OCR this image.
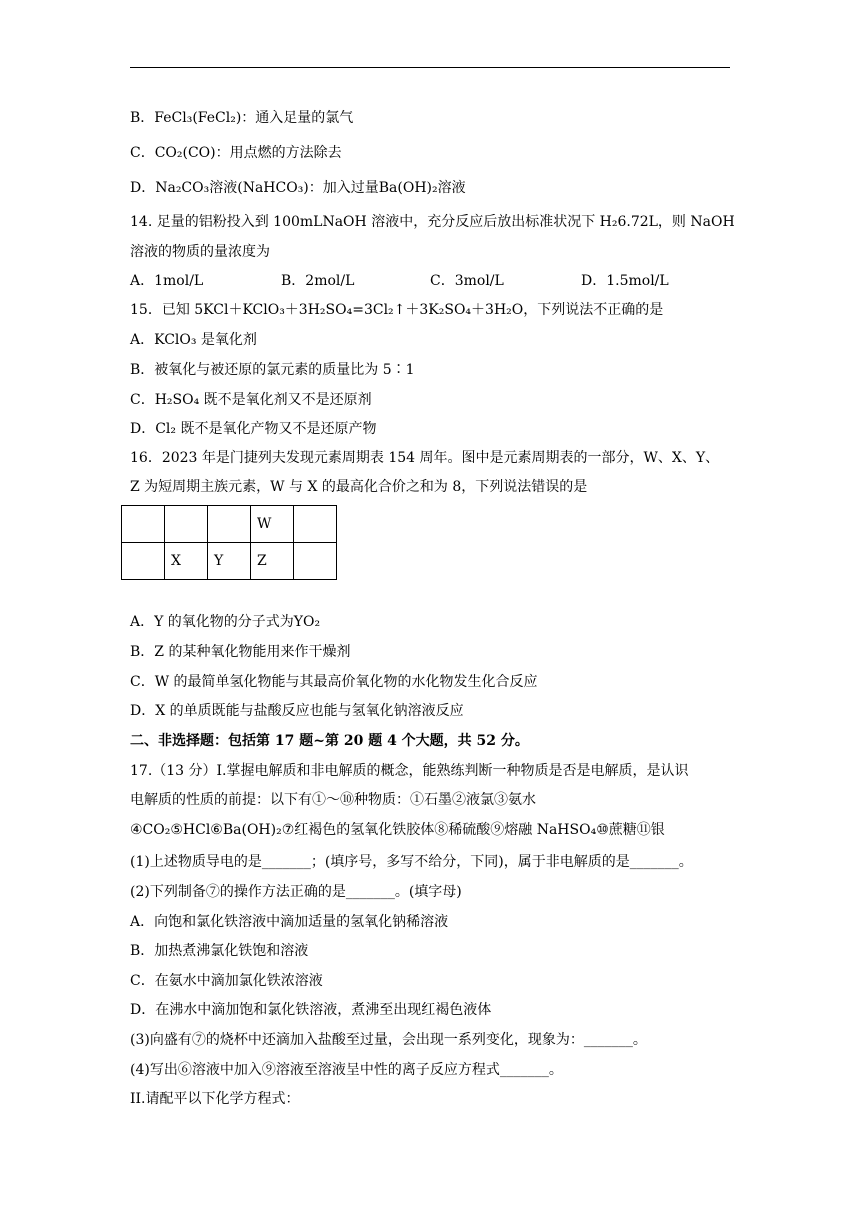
B．FeCl₃(FeCl₂)：通入足量的氯气
C．CO₂(CO)：用点燃的方法除去
D．Na₂CO₃溶液(NaHCO₃)：加入过量Ba(OH)₂溶液
14. 足量的铝粉投入到 100mLNaOH 溶液中，充分反应后放出标准状况下 H₂6.72L，则 NaOH
溶液的物质的量浓度为
15．已知 5KCl＋KClO₃＋3H₂SO₄=3Cl₂↑＋3K₂SO₄＋3H₂O，下列说法不正确的是
A．KClO₃ 是氧化剂
B．被氧化与被还原的氯元素的质量比为 5∶1
C．H₂SO₄ 既不是氧化剂又不是还原剂
D．Cl₂ 既不是氧化产物又不是还原产物
16．2023 年是门捷列夫发现元素周期表 154 周年。图中是元素周期表的一部分，W、X、Y、
Z 为短周期主族元素，W 与 X 的最高化合价之和为 8，下列说法错误的是
A．Y 的氧化物的分子式为YO₂
B．Z 的某种氧化物能用来作干燥剂
C．W 的最简单氢化物能与其最高价氧化物的水化物发生化合反应
D．X 的单质既能与盐酸反应也能与氢氧化钠溶液反应
二、非选择题：包括第 17 题~第 20 题 4 个大题，共 52 分。
17.（13 分）I.掌握电解质和非电解质的概念，能熟练判断一种物质是否是电解质，是认识
电解质的性质的前提：以下有①～⑩种物质：①石墨②液氯③氨水
④CO₂⑤HCl⑥Ba(OH)₂⑦红褐色的氢氧化铁胶体⑧稀硫酸⑨熔融 NaHSO₄⑩蔗糖⑪银
(1)上述物质导电的是_______；(填序号，多写不给分，下同)，属于非电解质的是_______。
(2)下列制备⑦的操作方法正确的是_______。(填字母)
A．向饱和氯化铁溶液中滴加适量的氢氧化钠稀溶液
B．加热煮沸氯化铁饱和溶液
C．在氨水中滴加氯化铁浓溶液
D．在沸水中滴加饱和氯化铁溶液，煮沸至出现红褐色液体
(3)向盛有⑦的烧杯中还滴加入盐酸至过量，会出现一系列变化，现象为：_______。
(4)写出⑥溶液中加入⑨溶液至溶液呈中性的离子反应方程式_______。
II.请配平以下化学方程式：
A．1mol/L	B．2mol/L	C．3mol/L	D．1.5mol/L
			W	
	X	Y	Z	
